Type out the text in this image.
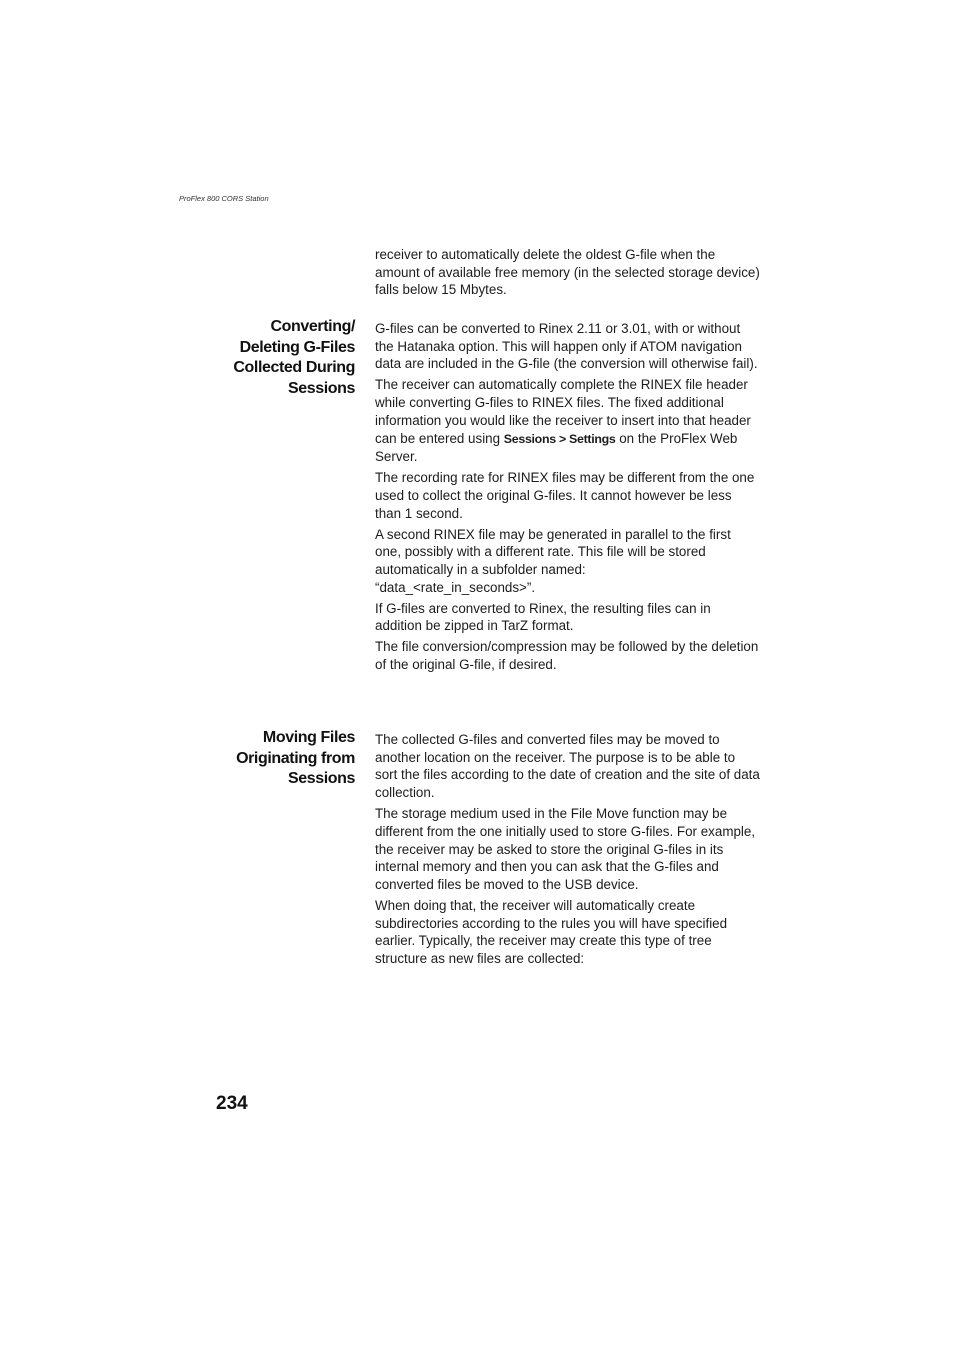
ProFlex 800 CORS Station
receiver to automatically delete the oldest G-file when the amount of available free memory (in the selected storage device) falls below 15 Mbytes.
Converting/
Deleting G-Files
Collected During
Sessions

G-files can be converted to Rinex 2.11 or 3.01, with or without the Hatanaka option. This will happen only if ATOM navigation data are included in the G-file (the conversion will otherwise fail).

The receiver can automatically complete the RINEX file header while converting G-files to RINEX files. The fixed additional information you would like the receiver to insert into that header can be entered using Sessions > Settings on the ProFlex Web Server.

The recording rate for RINEX files may be different from the one used to collect the original G-files. It cannot however be less than 1 second.

A second RINEX file may be generated in parallel to the first one, possibly with a different rate. This file will be stored automatically in a subfolder named:
“data_<rate_in_seconds>”.

If G-files are converted to Rinex, the resulting files can in addition be zipped in TarZ format.

The file conversion/compression may be followed by the deletion of the original G-file, if desired.

Moving Files
Originating from
Sessions

The collected G-files and converted files may be moved to another location on the receiver. The purpose is to be able to sort the files according to the date of creation and the site of data collection.

The storage medium used in the File Move function may be different from the one initially used to store G-files. For example, the receiver may be asked to store the original G-files in its internal memory and then you can ask that the G-files and converted files be moved to the USB device.

When doing that, the receiver will automatically create subdirectories according to the rules you will have specified earlier. Typically, the receiver may create this type of tree structure as new files are collected:

234
